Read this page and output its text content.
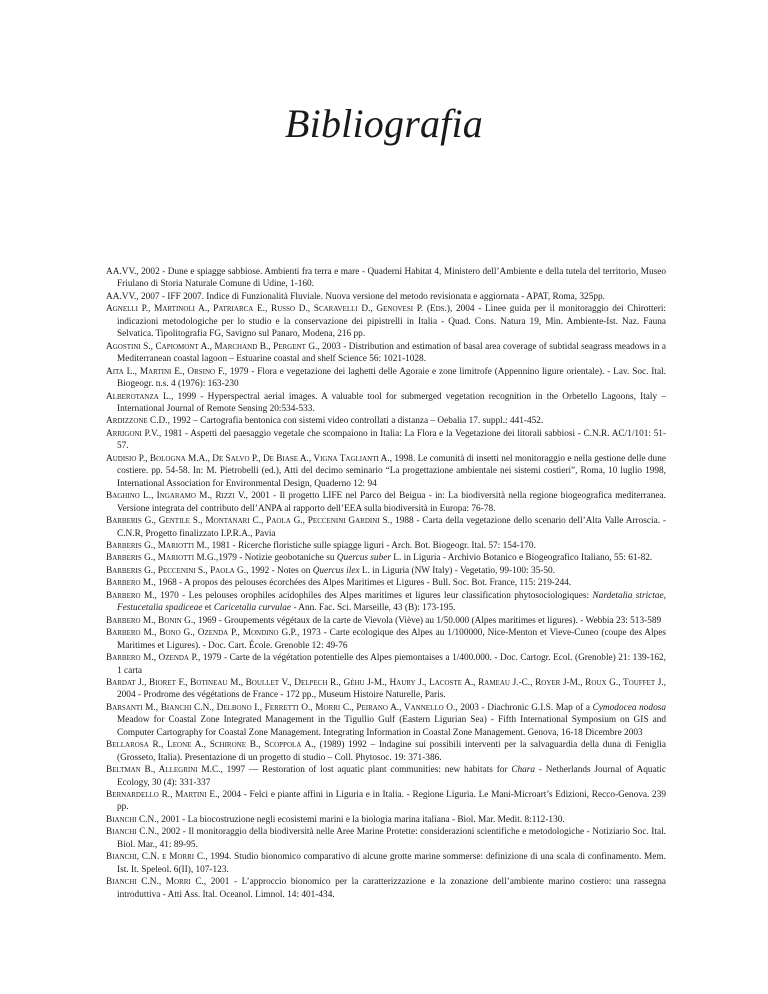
Bibliografia

AA.VV., 2002 - Dune e spiagge sabbiose. Ambienti fra terra e mare - Quaderni Habitat 4, Ministero dell’Ambiente e della tutela del territorio, Museo Friulano di Storia Naturale Comune di Udine, 1-160.

AA.VV., 2007 - IFF 2007. Indice di Funzionalità Fluviale. Nuova versione del metodo revisionata e aggiornata - APAT, Roma, 325pp.

Agnelli P., Martinoli A., Patriarca E., Russo D., Scaravelli D., Genovesi P. (Eds.), 2004 - Linee guida per il monitoraggio dei Chirotteri: indicazioni metodologiche per lo studio e la conservazione dei pipistrelli in Italia - Quad. Cons. Natura 19, Min. Ambiente-Ist. Naz. Fauna Selvatica. Tipolitografia FG, Savigno sul Panaro, Modena, 216 pp.

Agostini S., Capiomont A., Marchand B., Pergent G., 2003 - Distribution and estimation of basal area coverage of subtidal seagrass meadows in a Mediterranean coastal lagoon – Estuarine coastal and shelf Science 56: 1021-1028.

Aita L., Martini E., Orsino F., 1979 - Flora e vegetazione dei laghetti delle Agoraie e zone limitrofe (Appennino ligure orientale). - Lav. Soc. Ital. Biogeogr. n.s. 4 (1976): 163-230

Alberotanza L., 1999 - Hyperspectral aerial images. A valuable tool for submerged vegetation recognition in the Orbetello Lagoons, Italy – International Journal of Remote Sensing 20:534-533.

Ardizzone C.D., 1992 – Cartografia bentonica con sistemi video controllati a distanza – Oebalia 17. suppl.: 441-452.

Arrigoni P.V., 1981 - Aspetti del paesaggio vegetale che scompaiono in Italia: La Flora e la Vegetazione dei litorali sabbiosi - C.N.R. AC/1/101: 51-57.

Audisio P., Bologna M.A., De Salvo P., De Biase A., Vigna Taglianti A., 1998. Le comunità di insetti nel monitoraggio e nella gestione delle dune costiere. pp. 54-58. In: M. Pietrobelli (ed.), Atti del decimo seminario “La progettazione ambientale nei sistemi costieri”, Roma, 10 luglio 1998, International Association for Environmental Design, Quaderno 12: 94

Baghino L., Ingaramo M., Rizzi V., 2001 - Il progetto LIFE nel Parco del Beigua - in: La biodiversità nella regione biogeografica mediterranea. Versione integrata del contributo dell’ANPA al rapporto dell’EEA sulla biodiversità in Europa: 76-78.

Barberis G., Gentile S., Montanari C., Paola G., Peccenini Gardini S., 1988 - Carta della vegetazione dello scenario dell’Alta Valle Arroscia. - C.N.R, Progetto finalizzato I.P.R.A., Pavia

Barberis G., Mariotti M., 1981 - Ricerche floristiche sulle spiagge liguri - Arch. Bot. Biogeogr. Ital. 57: 154-170.

Barberis G., Mariotti M.G.,1979 - Notizie geobotaniche su Quercus suber L. in Liguria - Archivio Botanico e Biogeografico Italiano, 55: 61-82.

Barberis G., Peccenini S., Paola G., 1992 - Notes on Quercus ilex L. in Liguria (NW Italy) - Vegetatio, 99-100: 35-50.

Barbero M., 1968 - A propos des pelouses écorchées des Alpes Maritimes et Ligures - Bull. Soc. Bot. France, 115: 219-244.

Barbero M., 1970 - Les pelouses orophiles acidophiles des Alpes maritimes et ligures leur classification phytosociologiques: Nardetalia strictae, Festucetalia spadiceae et Caricetalia curvulae - Ann. Fac. Sci. Marseille, 43 (B): 173-195.

Barbero M., Bonin G., 1969 - Groupements végétaux de la carte de Vievola (Viève) au 1/50.000 (Alpes maritimes et ligures). - Webbia 23: 513-589

Barbero M., Bono G., Ozenda P., Mondino G.P., 1973 - Carte ecologique des Alpes au 1/100000, Nice-Menton et Vieve-Cuneo (coupe des Alpes Maritimes et Ligures). - Doc. Cart. École. Grenoble 12: 49-76

Barbero M., Ozenda P., 1979 - Carte de la végétation potentielle des Alpes piemontaises a 1/400.000. - Doc. Cartogr. Ecol. (Grenoble) 21: 139-162, 1 carta

Bardat J., Bioret F., Botineau M., Boullet V., Delpech R., Géhu J-M., Haury J., Lacoste A., Rameau J.-C., Royer J-M., Roux G., Touffet J., 2004 - Prodrome des végétations de France - 172 pp., Museum Histoire Naturelle, Paris.

Barsanti M., Bianchi C.N., Delbono I., Ferretti O., Morri C., Peirano A., Vannello O., 2003 - Diachronic G.I.S. Map of a Cymodocea nodosa Meadow for Coastal Zone Integrated Management in the Tigullio Gulf (Eastern Ligurian Sea) - Fifth International Symposium on GIS and Computer Cartography for Coastal Zone Management. Integrating Information in Coastal Zone Management. Genova, 16-18 Dicembre 2003

Bellarosa R., Leone A., Schirone B., Scoppola A., (1989) 1992 – Indagine sui possibili interventi per la salvaguardia della duna di Feniglia (Grosseto, Italia). Presentazione di un progetto di studio – Coll. Phytosoc. 19: 371-386.

Beltman B., Allegrini M.C., 1997 — Restoration of lost aquatic plant communities: new habitats for Chara - Netherlands Journal of Aquatic Ecology, 30 (4): 331-337

Bernardello R., Martini E., 2004 - Felci e piante affini in Liguria e in Italia. - Regione Liguria. Le Mani-Microart’s Edizioni, Recco-Genova. 239 pp.

Bianchi C.N., 2001 - La biocostruzione negli ecosistemi marini e la biologia marina italiana - Biol. Mar. Medit. 8:112-130.

Bianchi C.N., 2002 - Il monitoraggio della biodiversità nelle Aree Marine Protette: considerazioni scientifiche e metodologiche - Notiziario Soc. Ital. Biol. Mar., 41: 89-95.

Bianchi, C.N. e Morri C., 1994. Studio bionomico comparativo di alcune grotte marine sommerse: definizione di una scala di confinamento. Mem. Ist. It. Speleol. 6(II), 107-123.

Bianchi C.N., Morri C., 2001 - L’approccio bionomico per la caratterizzazione e la zonazione dell’ambiente marino costiero: una rassegna introduttiva - Atti Ass. Ital. Oceanol. Limnol. 14: 401-434.
